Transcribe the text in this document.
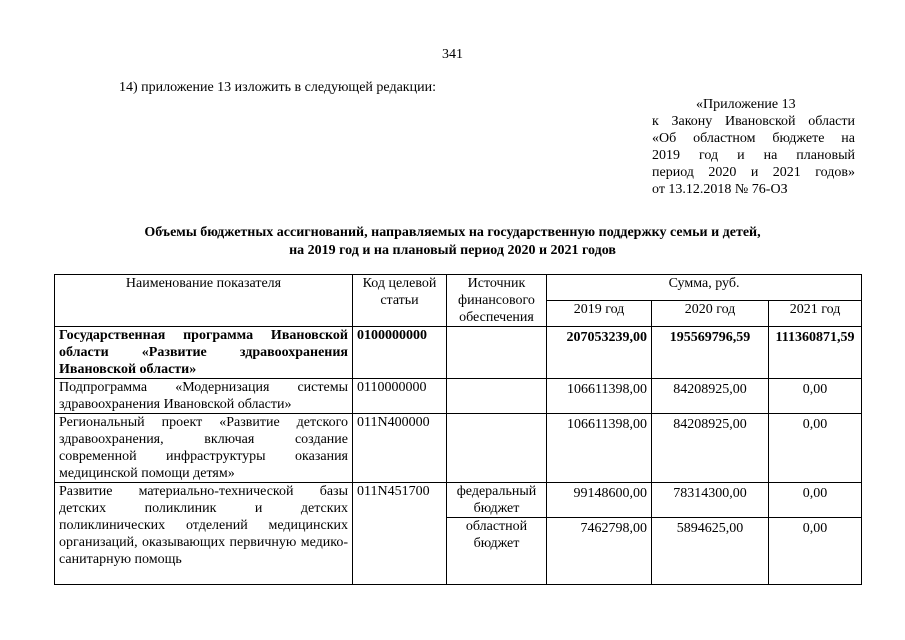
341
14) приложение 13 изложить в следующей редакции:
«Приложение 13
к Закону Ивановской области
«Об областном бюджете на
2019 год и на плановый
период 2020 и 2021 годов»
от 13.12.2018 № 76-ОЗ
Объемы бюджетных ассигнований, направляемых на государственную поддержку семьи и детей,
на 2019 год и на плановый период 2020 и 2021 годов
Наименование показателя	Код целевой статьи	Источник финансового обеспечения	Сумма, руб.		
			2019 год	2020 год	2021 год
Государственная программа Ивановской области «Развитие здравоохранения Ивановской области»	0100000000		207053239,00	195569796,59	111360871,59
Подпрограмма «Модернизация системы здравоохранения Ивановской области»	0110000000		106611398,00	84208925,00	0,00
Региональный проект «Развитие детского здравоохранения, включая создание современной инфраструктуры оказания медицинской помощи детям»	011N400000		106611398,00	84208925,00	0,00
Развитие материально-технической базы детских поликлиник и детских поликлинических отделений медицинских организаций, оказывающих первичную медико-санитарную помощь	011N451700	федеральный бюджет	99148600,00	78314300,00	0,00
		областной бюджет	7462798,00	5894625,00	0,00
